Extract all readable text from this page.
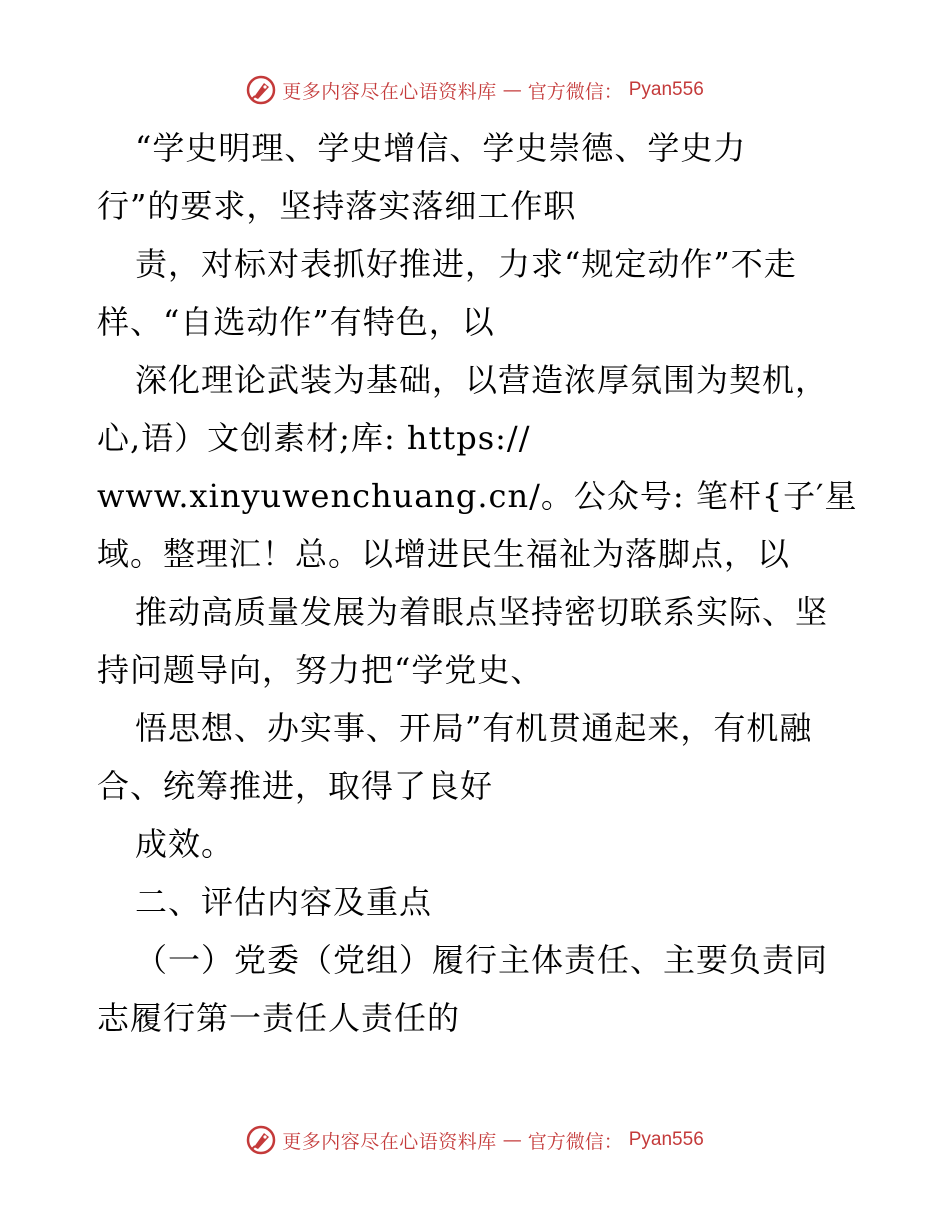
更多内容尽在心语资料库 — 官方微信： Pyan556
“学史明理、学史增信、学史崇德、学史力
行”的要求，坚持落实落细工作职
责，对标对表抓好推进，力求“规定动作”不走
样、“自选动作”有特色，以
深化理论武装为基础，以营造浓厚氛围为契机，
心,语）文创素材;库: https://
www.xinyuwenchuang.cn/。公众号: 笔杆{子′星
域。整理汇！总。以增进民生福祉为落脚点，以
推动高质量发展为着眼点坚持密切联系实际、坚
持问题导向，努力把“学党史、
悟思想、办实事、开局”有机贯通起来，有机融
合、统筹推进，取得了良好
成效。
二、评估内容及重点
（一）党委（党组）履行主体责任、主要负责同
志履行第一责任人责任的
更多内容尽在心语资料库 — 官方微信： Pyan556
